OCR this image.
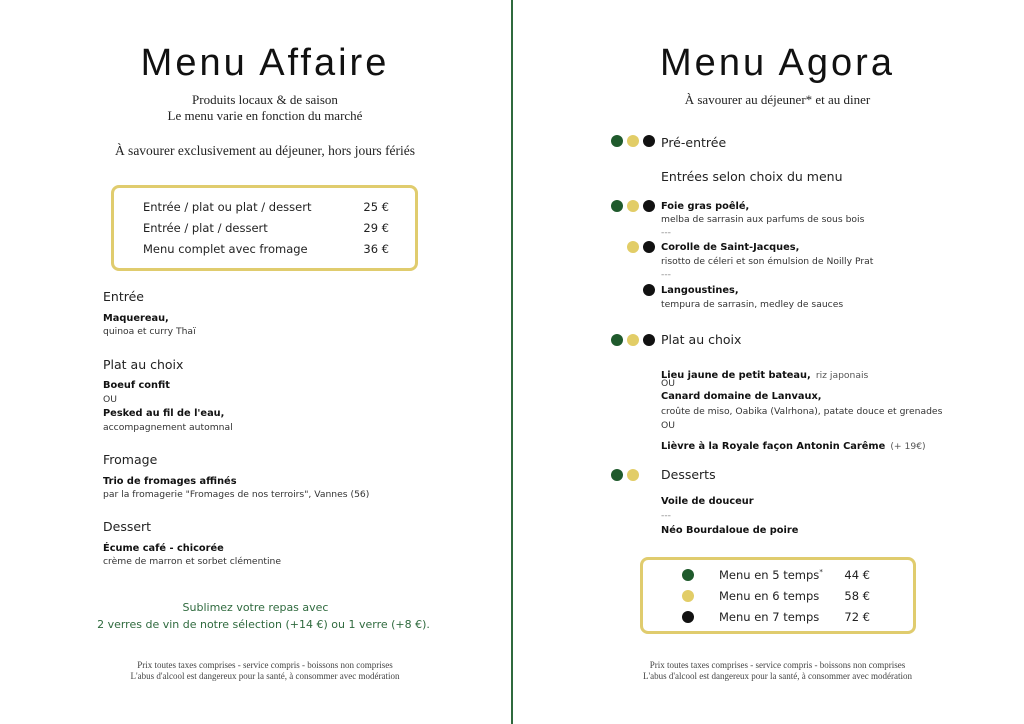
Menu Affaire
Produits locaux & de saison
Le menu varie en fonction du marché
À savourer exclusivement au déjeuner, hors jours fériés
Entrée / plat ou plat / dessert	25 €
Entrée / plat / dessert	29 €
Menu complet avec fromage	36 €
Entrée
Maquereau,
quinoa et curry Thaï
Plat au choix
Boeuf confit
OU
Pesked au fil de l'eau,
accompagnement automnal
Fromage
Trio de fromages affinés
par la fromagerie "Fromages de nos terroirs", Vannes (56)
Dessert
Écume café - chicorée
crème de marron et sorbet clémentine
Sublimez votre repas avec
2 verres de vin de notre sélection (+14 €) ou 1 verre (+8 €).
Prix toutes taxes comprises - service compris - boissons non comprises
L'abus d'alcool est dangereux pour la santé, à consommer avec modération
Menu Agora
À savourer au déjeuner* et au diner
Pré-entrée
Entrées selon choix du menu
Foie gras poêlé,
melba de sarrasin aux parfums de sous bois
---
Corolle de Saint-Jacques,
risotto de céleri et son émulsion de Noilly Prat
---
Langoustines,
tempura de sarrasin, medley de sauces
Plat au choix
Lieu jaune de petit bateau, riz japonais
OU
Canard domaine de Lanvaux,
croûte de miso, Oabika (Valrhona), patate douce et grenades
OU
Lièvre à la Royale façon Antonin Carême (+ 19€)
Desserts
Voile de douceur
---
Néo Bourdaloue de poire
Menu en 5 temps*	44 €
Menu en 6 temps	58 €
Menu en 7 temps	72 €
Prix toutes taxes comprises - service compris - boissons non comprises
L'abus d'alcool est dangereux pour la santé, à consommer avec modération
